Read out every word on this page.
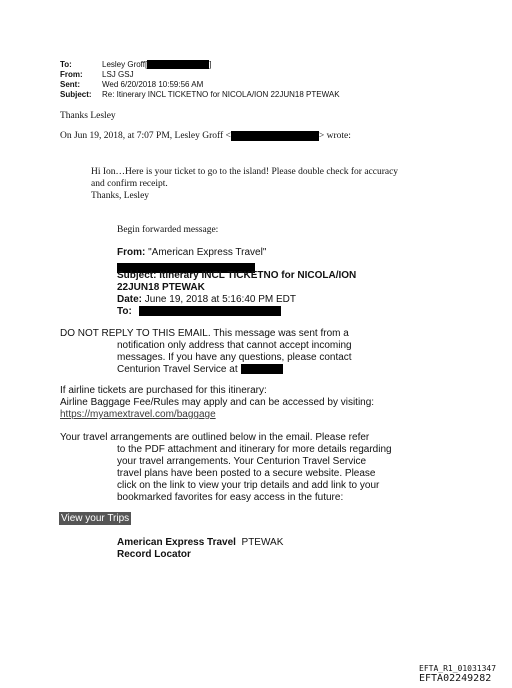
To:	Lesley Groff[	]
From: LSJ GSJ
Sent:	Wed 6/20/2018 10:59:56 AM
Subject: Re: Itinerary INCL TICKETNO for NICOLA/ION 22JUN18 PTEWAK
Thanks Lesley
On Jun 19, 2018, at 7:07 PM, Lesley Groff <	> wrote:
Hi Ion…Here is your ticket to go to the island! Please double check for accuracy
and confirm receipt.
Thanks, Lesley
Begin forwarded message:
From: "American Express Travel"
Subject: Itinerary INCL TICKETNO for NICOLA/ION
22JUN18 PTEWAK
Date: June 19, 2018 at 5:16:40 PM EDT
To:
DO NOT REPLY TO THIS EMAIL. This message was sent from a
notification only address that cannot accept incoming
messages. If you have any questions, please contact
Centurion Travel Service at
If airline tickets are purchased for this itinerary:
Airline Baggage Fee/Rules may apply and can be accessed by visiting:
https://myamextravel.com/baggage
Your travel arrangements are outlined below in the email. Please refer
to the PDF attachment and itinerary for more details regarding
your travel arrangements. Your Centurion Travel Service
travel plans have been posted to a secure website. Please
click on the link to view your trip details and add link to your
bookmarked favorites for easy access in the future:
View your Trips
American Express Travel PTEWAK
Record Locator
EFTA_R1_01031347
EFTA02249282
